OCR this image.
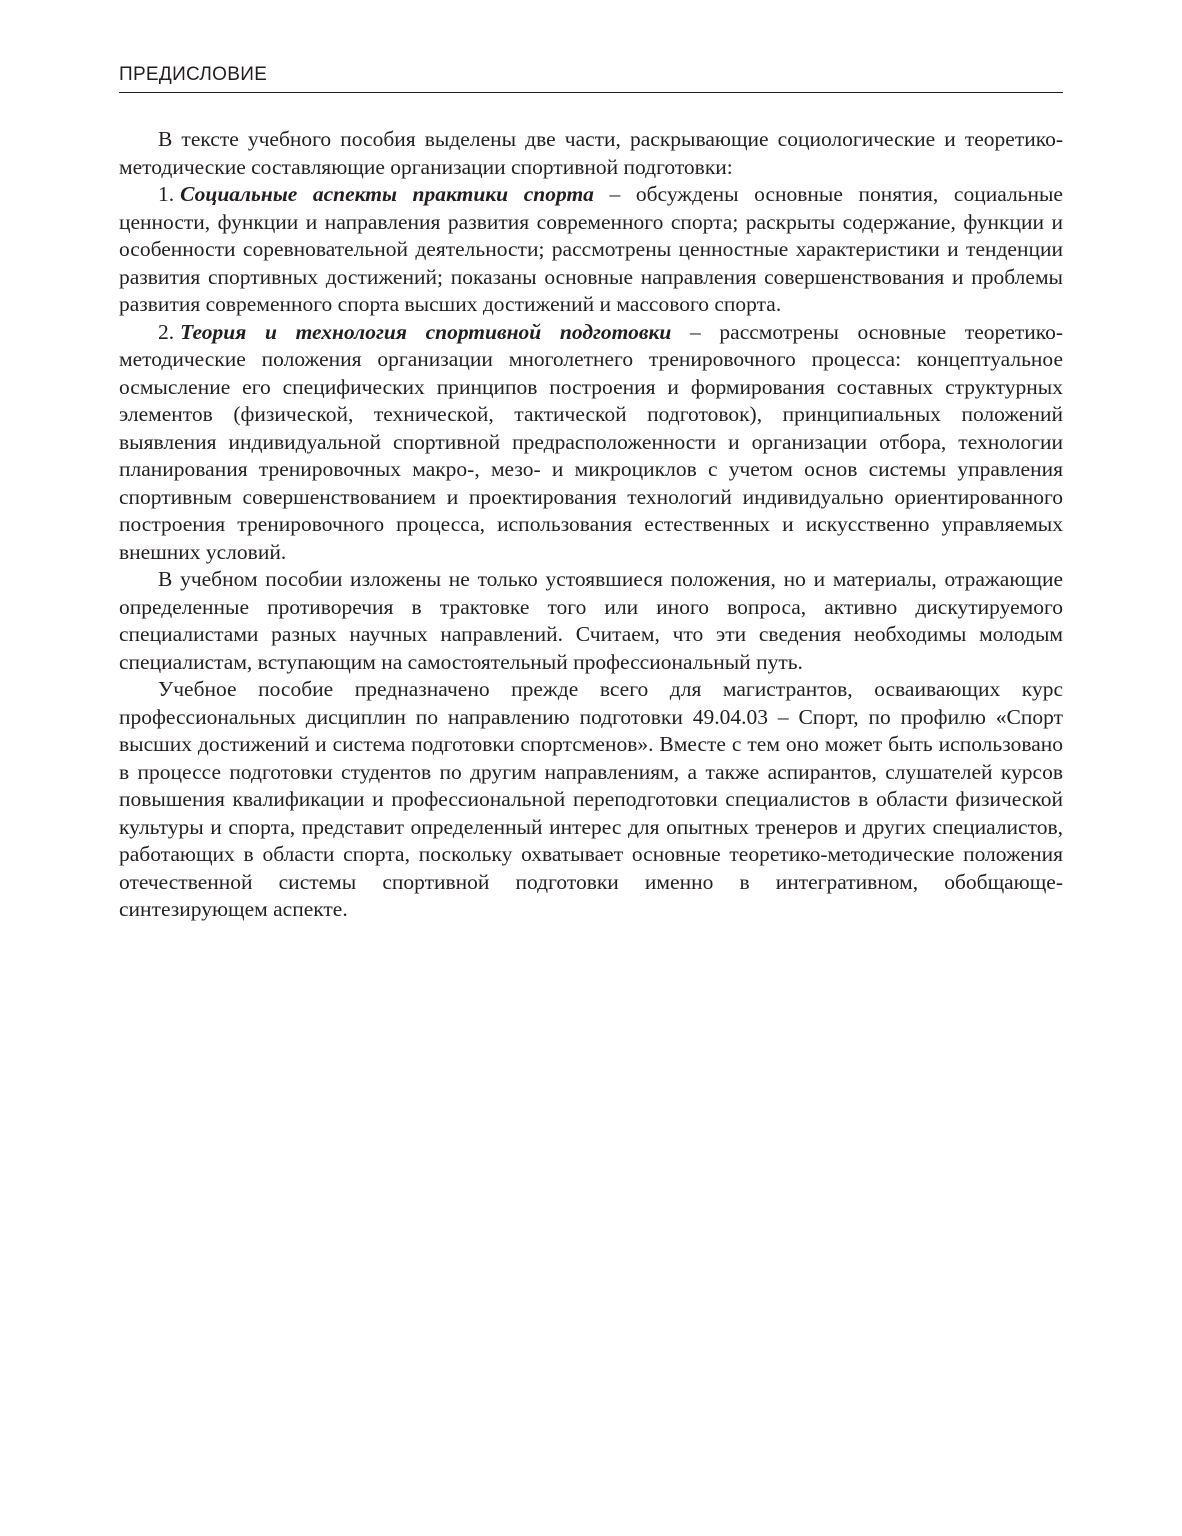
ПРЕДИСЛОВИЕ

В тексте учебного пособия выделены две части, раскрывающие социологические и теоретико-методические составляющие организации спортивной подготовки:

1. Социальные аспекты практики спорта – обсуждены основные понятия, социальные ценности, функции и направления развития современного спорта; раскрыты содержание, функции и особенности соревновательной деятельности; рассмотрены ценностные характеристики и тенденции развития спортивных достижений; показаны основные направления совершенствования и проблемы развития современного спорта высших достижений и массового спорта.

2. Теория и технология спортивной подготовки – рассмотрены основные теоретико-методические положения организации многолетнего тренировочного процесса: концептуальное осмысление его специфических принципов построения и формирования составных структурных элементов (физической, технической, тактической подготовок), принципиальных положений выявления индивидуальной спортивной предрасположенности и организации отбора, технологии планирования тренировочных макро-, мезо- и микроциклов с учетом основ системы управления спортивным совершенствованием и проектирования технологий индивидуально ориентированного построения тренировочного процесса, использования естественных и искусственно управляемых внешних условий.

В учебном пособии изложены не только устоявшиеся положения, но и материалы, отражающие определенные противоречия в трактовке того или иного вопроса, активно дискутируемого специалистами разных научных направлений. Считаем, что эти сведения необходимы молодым специалистам, вступающим на самостоятельный профессиональный путь.

Учебное пособие предназначено прежде всего для магистрантов, осваивающих курс профессиональных дисциплин по направлению подготовки 49.04.03 – Спорт, по профилю «Спорт высших достижений и система подготовки спортсменов». Вместе с тем оно может быть использовано в процессе подготовки студентов по другим направлениям, а также аспирантов, слушателей курсов повышения квалификации и профессиональной переподготовки специалистов в области физической культуры и спорта, представит определенный интерес для опытных тренеров и других специалистов, работающих в области спорта, поскольку охватывает основные теоретико-методические положения отечественной системы спортивной подготовки именно в интегративном, обобщающе-синтезирующем аспекте.
